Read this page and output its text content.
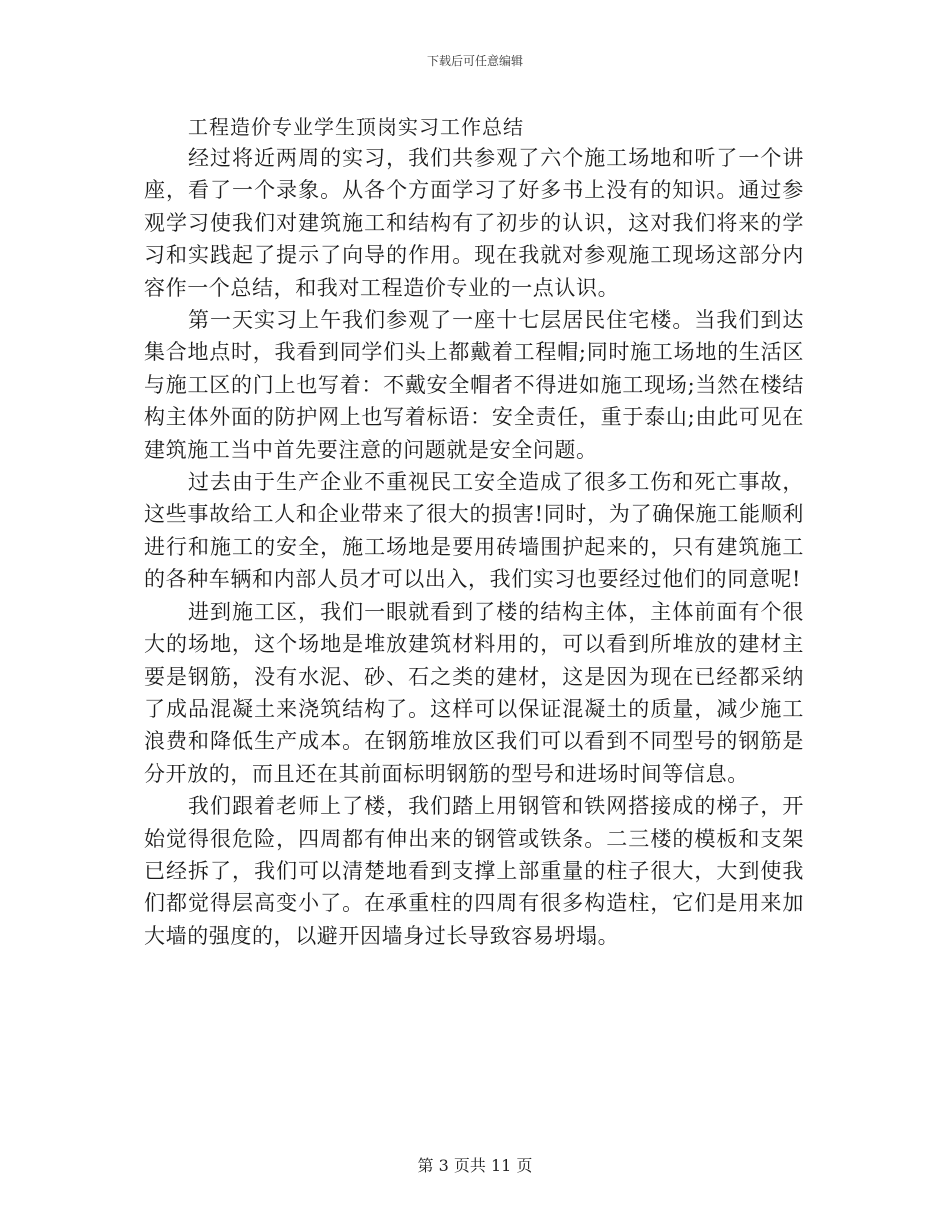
下载后可任意编辑
工程造价专业学生顶岗实习工作总结

经过将近两周的实习，我们共参观了六个施工场地和听了一个讲座，看了一个录象。从各个方面学习了好多书上没有的知识。通过参观学习使我们对建筑施工和结构有了初步的认识，这对我们将来的学习和实践起了提示了向导的作用。现在我就对参观施工现场这部分内容作一个总结，和我对工程造价专业的一点认识。

第一天实习上午我们参观了一座十七层居民住宅楼。当我们到达集合地点时，我看到同学们头上都戴着工程帽;同时施工场地的生活区与施工区的门上也写着：不戴安全帽者不得进如施工现场;当然在楼结构主体外面的防护网上也写着标语：安全责任，重于泰山;由此可见在建筑施工当中首先要注意的问题就是安全问题。

过去由于生产企业不重视民工安全造成了很多工伤和死亡事故，这些事故给工人和企业带来了很大的损害!同时，为了确保施工能顺利进行和施工的安全，施工场地是要用砖墙围护起来的，只有建筑施工的各种车辆和内部人员才可以出入，我们实习也要经过他们的同意呢!

进到施工区，我们一眼就看到了楼的结构主体，主体前面有个很大的场地，这个场地是堆放建筑材料用的，可以看到所堆放的建材主要是钢筋，没有水泥、砂、石之类的建材，这是因为现在已经都采纳了成品混凝土来浇筑结构了。这样可以保证混凝土的质量，减少施工浪费和降低生产成本。在钢筋堆放区我们可以看到不同型号的钢筋是分开放的，而且还在其前面标明钢筋的型号和进场时间等信息。

我们跟着老师上了楼，我们踏上用钢管和铁网搭接成的梯子，开始觉得很危险，四周都有伸出来的钢管或铁条。二三楼的模板和支架已经拆了，我们可以清楚地看到支撑上部重量的柱子很大，大到使我们都觉得层高变小了。在承重柱的四周有很多构造柱，它们是用来加大墙的强度的，以避开因墙身过长导致容易坍塌。

第 3 页共 11 页
